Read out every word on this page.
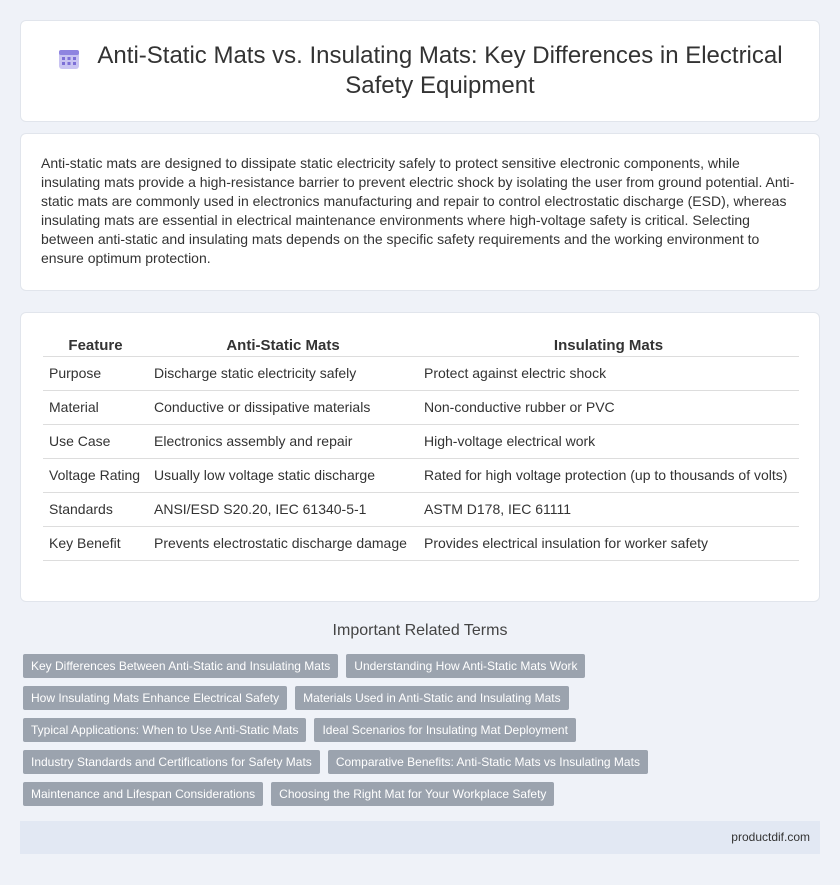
Anti-Static Mats vs. Insulating Mats: Key Differences in Electrical Safety Equipment

Anti-static mats are designed to dissipate static electricity safely to protect sensitive electronic components, while insulating mats provide a high-resistance barrier to prevent electric shock by isolating the user from ground potential. Anti-static mats are commonly used in electronics manufacturing and repair to control electrostatic discharge (ESD), whereas insulating mats are essential in electrical maintenance environments where high-voltage safety is critical. Selecting between anti-static and insulating mats depends on the specific safety requirements and the working environment to ensure optimum protection.

Feature	Anti-Static Mats	Insulating Mats
Purpose	Discharge static electricity safely	Protect against electric shock
Material	Conductive or dissipative materials	Non-conductive rubber or PVC
Use Case	Electronics assembly and repair	High-voltage electrical work
Voltage Rating	Usually low voltage static discharge	Rated for high voltage protection (up to thousands of volts)
Standards	ANSI/ESD S20.20, IEC 61340-5-1	ASTM D178, IEC 61111
Key Benefit	Prevents electrostatic discharge damage	Provides electrical insulation for worker safety
Important Related Terms
Key Differences Between Anti-Static and Insulating Mats	Understanding How Anti-Static Mats Work
How Insulating Mats Enhance Electrical Safety	Materials Used in Anti-Static and Insulating Mats
Typical Applications: When to Use Anti-Static Mats	Ideal Scenarios for Insulating Mat Deployment
Industry Standards and Certifications for Safety Mats	Comparative Benefits: Anti-Static Mats vs Insulating Mats
Maintenance and Lifespan Considerations	Choosing the Right Mat for Your Workplace Safety
productdif.com
